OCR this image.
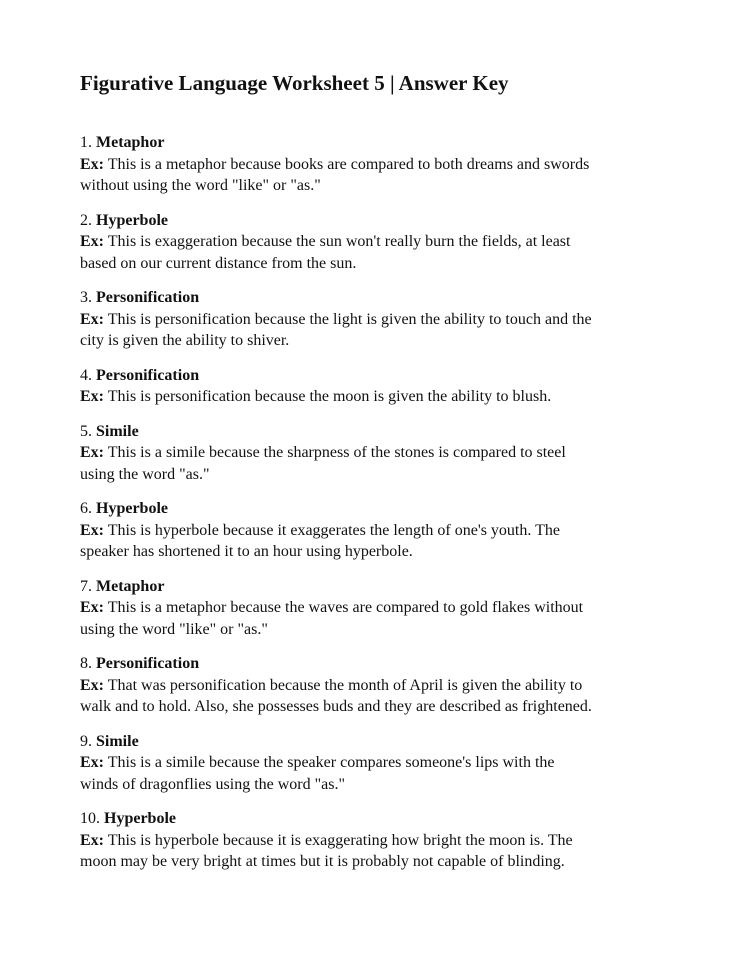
Figurative Language Worksheet 5 | Answer Key
1. Metaphor
Ex: This is a metaphor because books are compared to both dreams and swords
without using the word "like" or "as."
2. Hyperbole
Ex: This is exaggeration because the sun won't really burn the fields, at least
based on our current distance from the sun.
3. Personification
Ex: This is personification because the light is given the ability to touch and the
city is given the ability to shiver.
4. Personification
Ex: This is personification because the moon is given the ability to blush.
5. Simile
Ex: This is a simile because the sharpness of the stones is compared to steel
using the word "as."
6. Hyperbole
Ex: This is hyperbole because it exaggerates the length of one's youth. The
speaker has shortened it to an hour using hyperbole.
7. Metaphor
Ex: This is a metaphor because the waves are compared to gold flakes without
using the word "like" or "as."
8. Personification
Ex: That was personification because the month of April is given the ability to
walk and to hold. Also, she possesses buds and they are described as frightened.
9. Simile
Ex: This is a simile because the speaker compares someone's lips with the
winds of dragonflies using the word "as."
10. Hyperbole
Ex: This is hyperbole because it is exaggerating how bright the moon is. The
moon may be very bright at times but it is probably not capable of blinding.
